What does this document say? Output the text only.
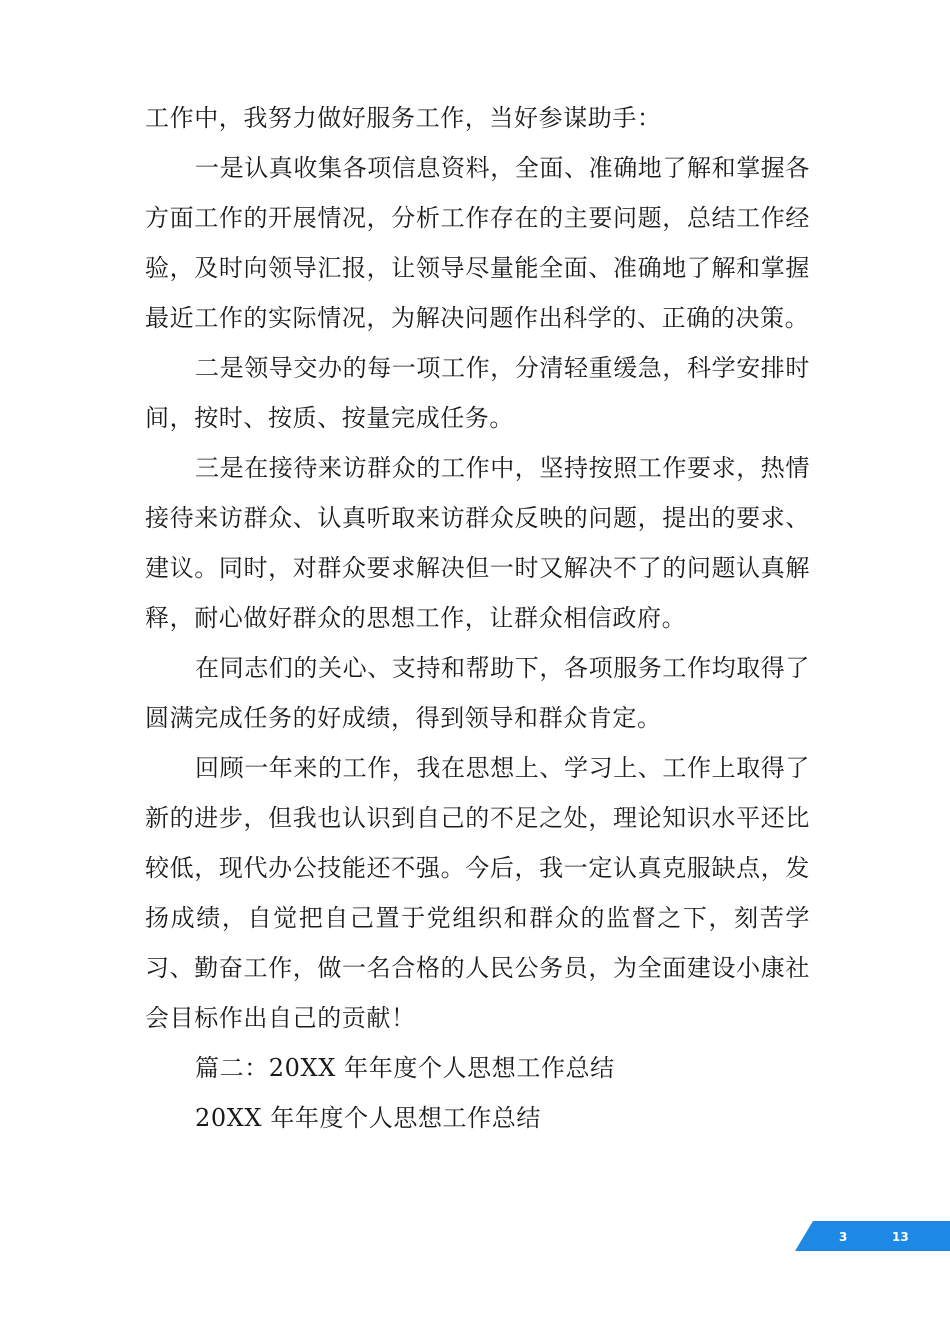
工作中，我努力做好服务工作，当好参谋助手：

一是认真收集各项信息资料，全面、准确地了解和掌握各方面工作的开展情况，分析工作存在的主要问题，总结工作经验，及时向领导汇报，让领导尽量能全面、准确地了解和掌握最近工作的实际情况，为解决问题作出科学的、正确的决策。

二是领导交办的每一项工作，分清轻重缓急，科学安排时间，按时、按质、按量完成任务。

三是在接待来访群众的工作中，坚持按照工作要求，热情接待来访群众、认真听取来访群众反映的问题，提出的要求、建议。同时，对群众要求解决但一时又解决不了的问题认真解释，耐心做好群众的思想工作，让群众相信政府。

在同志们的关心、支持和帮助下，各项服务工作均取得了圆满完成任务的好成绩，得到领导和群众肯定。

回顾一年来的工作，我在思想上、学习上、工作上取得了新的进步，但我也认识到自己的不足之处，理论知识水平还比较低，现代办公技能还不强。今后，我一定认真克服缺点，发扬成绩，自觉把自己置于党组织和群众的监督之下，刻苦学习、勤奋工作，做一名合格的人民公务员，为全面建设小康社会目标作出自己的贡献！

篇二：20XX 年年度个人思想工作总结

20XX 年年度个人思想工作总结

3	13
